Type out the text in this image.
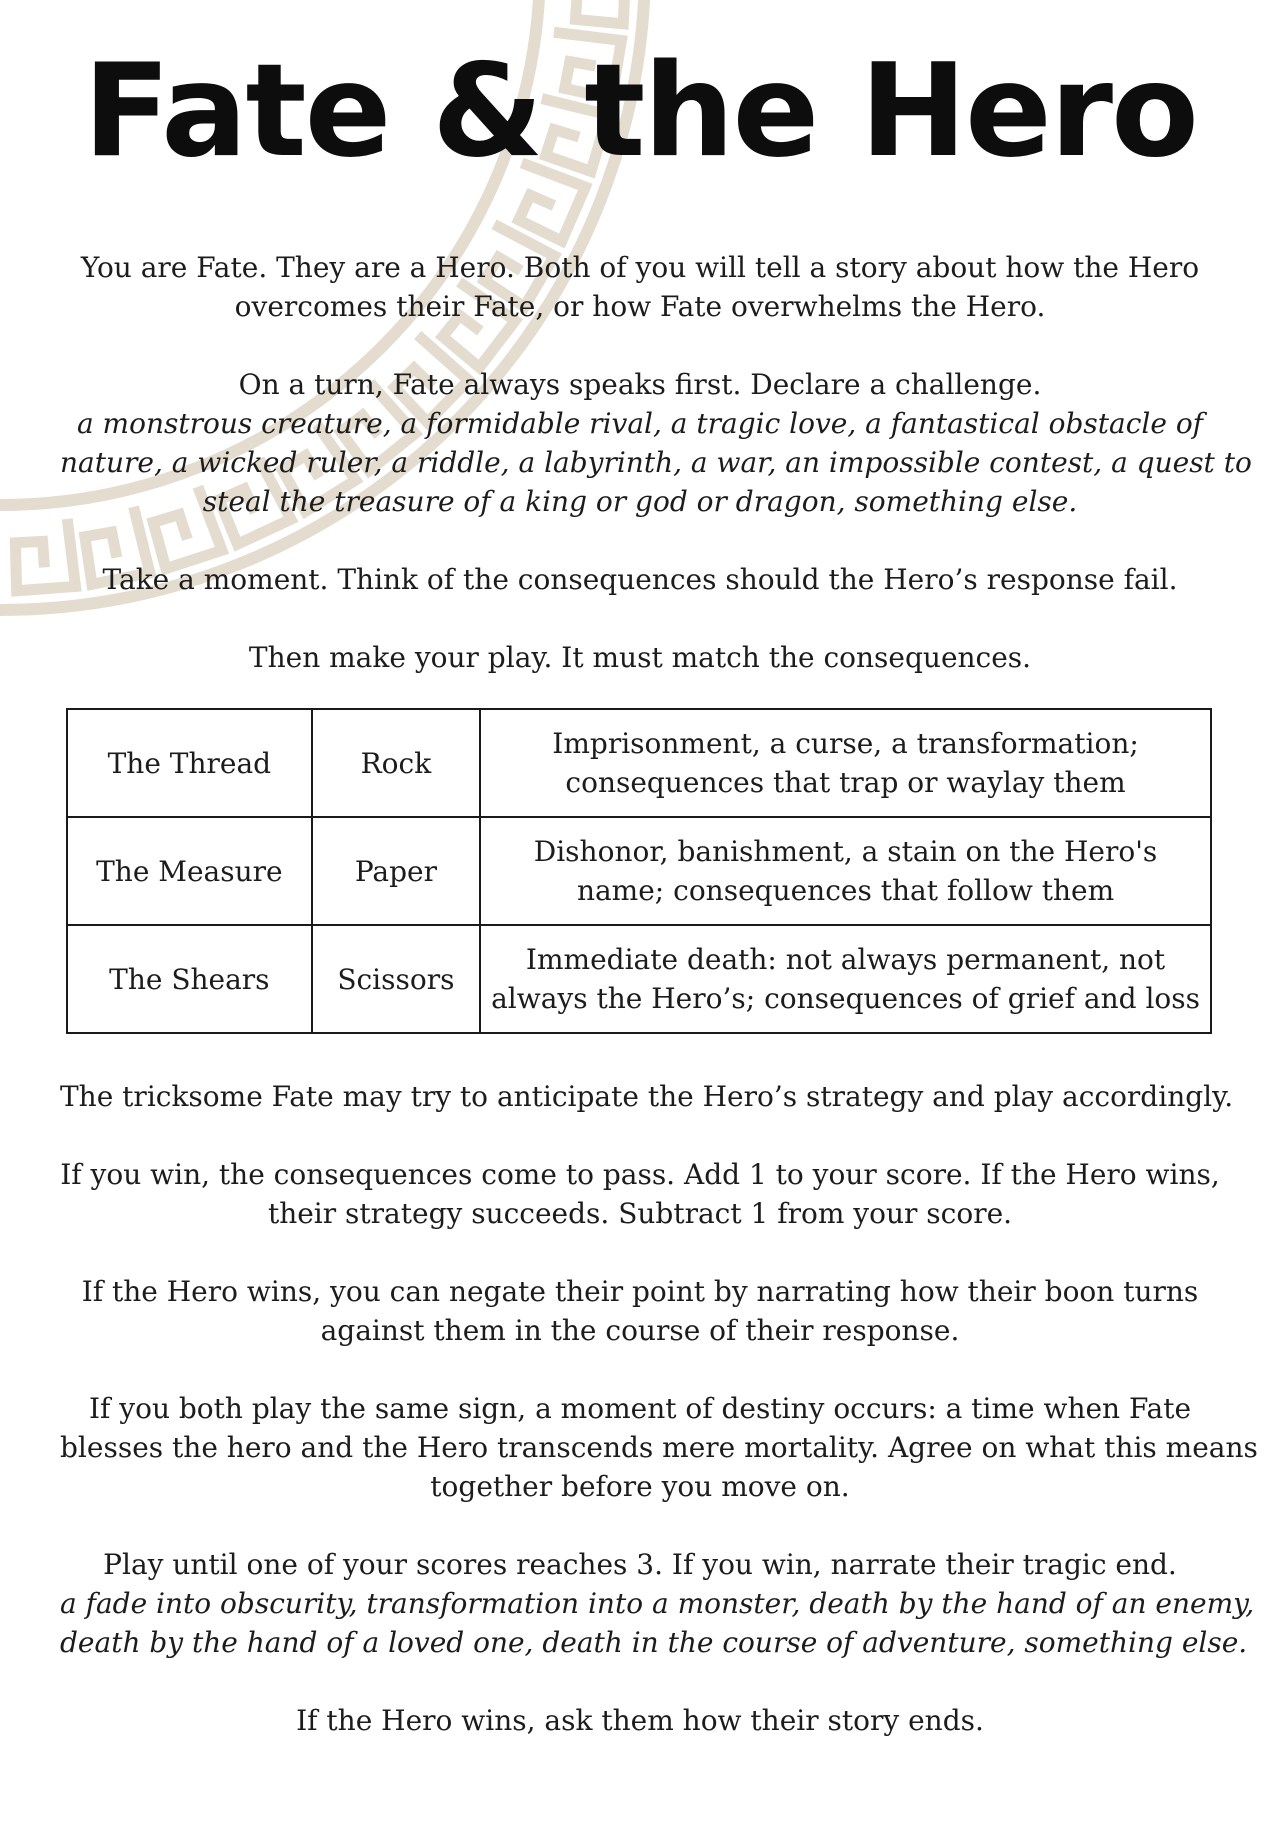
Fate & the Hero

You are Fate. They are a Hero. Both of you will tell a story about how the Hero
overcomes their Fate, or how Fate overwhelms the Hero.

On a turn, Fate always speaks first. Declare a challenge.
a monstrous creature, a formidable rival, a tragic love, a fantastical obstacle of
nature, a wicked ruler, a riddle, a labyrinth, a war, an impossible contest, a quest to
steal the treasure of a king or god or dragon, something else.

Take a moment. Think of the consequences should the Hero’s response fail.

Then make your play. It must match the consequences.

The Thread	Rock	Imprisonment, a curse, a transformation;
consequences that trap or waylay them

The Measure	Paper	Dishonor, banishment, a stain on the Hero's
name; consequences that follow them

The Shears	Scissors	Immediate death: not always permanent, not
always the Hero’s; consequences of grief and loss

The tricksome Fate may try to anticipate the Hero’s strategy and play accordingly.

If you win, the consequences come to pass. Add 1 to your score. If the Hero wins,
their strategy succeeds. Subtract 1 from your score.

If the Hero wins, you can negate their point by narrating how their boon turns
against them in the course of their response.

If you both play the same sign, a moment of destiny occurs: a time when Fate
blesses the hero and the Hero transcends mere mortality. Agree on what this means
together before you move on.

Play until one of your scores reaches 3. If you win, narrate their tragic end.
a fade into obscurity, transformation into a monster, death by the hand of an enemy,
death by the hand of a loved one, death in the course of adventure, something else.

If the Hero wins, ask them how their story ends.
